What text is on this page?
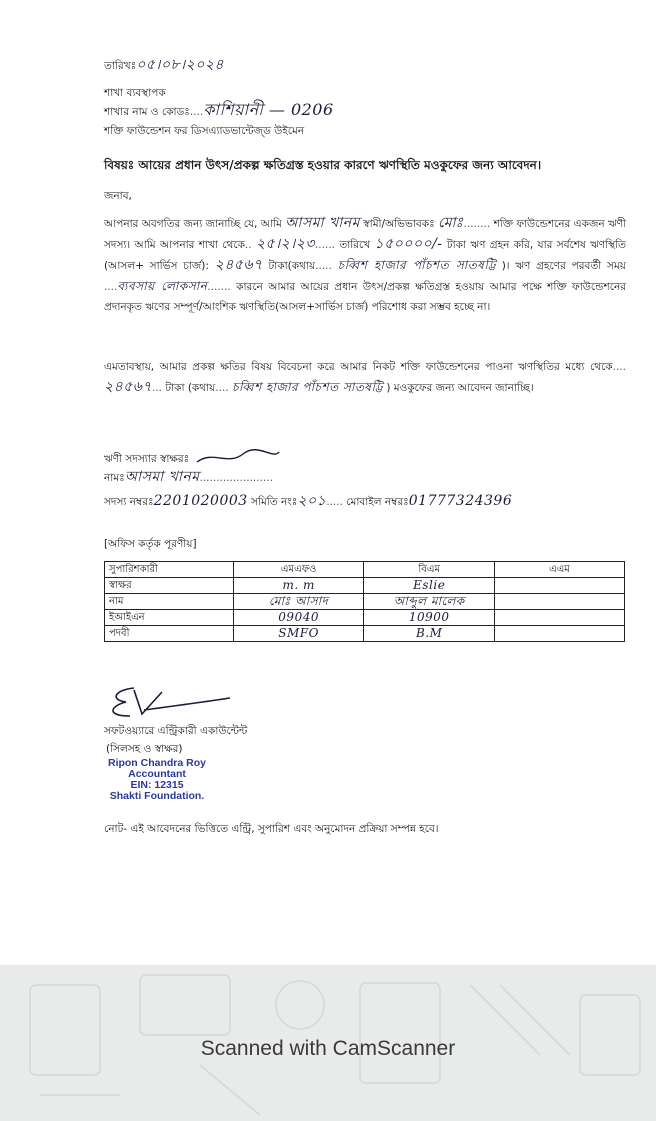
তারিখঃ০৫।০৮।২০২৪
শাখা ব্যবস্থাপক
শাখার নাম ও কোডঃ....কাশিয়ানী — 0206
শক্তি ফাউন্ডেশন ফর ডিসএ্যাডভান্টেজ্ড উইমেন
বিষয়ঃ আয়ের প্রধান উৎস/প্রকল্প ক্ষতিগ্রস্ত হওয়ার কারণে ঋণস্থিতি মওকুফের জন্য আবেদন।
জনাব,
আপনার অবগতির জন্য জানাচ্ছি যে, আমি আসমা খানম স্বামী/অভিভাবকঃ মোঃ........ শক্তি ফাউন্ডেশনের একজন ঋণী সদস্য। আমি আপনার শাখা থেকে.. ২৫।২।২৩...... তারিখে ১৫০০০০/- টাকা ঋণ গ্রহন করি, যার সর্বশেষ ঋণস্থিতি (আসল+ সার্ভিস চার্জ): ২৪৫৬৭ টাকা(কথায়..... চব্বিশ হাজার পাঁচশত সাতষট্টি )। ঋণ গ্রহণের পরবর্তী সময় ....ব্যবসায় লোকসান....... কারনে আমার আয়ের প্রধান উৎস/প্রকল্প ক্ষতিগ্রস্ত হওয়ায় আমার পক্ষে শক্তি ফাউন্ডেশনের প্রদানকৃত ঋণের সম্পূর্ণ/আংশিক ঋণস্থিতি(আসল+সার্ভিস চার্জ) পরিশোধ করা সম্ভব হচ্ছে না।
এমতাবস্থায়, আমার প্রকল্প ক্ষতির বিষয় বিবেচনা করে আমার নিকট শক্তি ফাউন্ডেশনের পাওনা ঋণস্থিতির মধ্যে থেকে.... ২৪৫৬৭... টাকা (কথায়.... চব্বিশ হাজার পাঁচশত সাতষট্টি ) মওকুফের জন্য আবেদন জানাচ্ছি।
ঋণী সদস্যার স্বাক্ষরঃ
নামঃআসমা খানম......................
সদস্য নম্বরঃ2201020003 সমিতি নংঃ২০১..... মোবাইল নম্বরঃ01777324396
[অফিস কর্তৃক পূরণীয়]
সুপারিশকারী	এমএফও	বিএম	এএম
স্বাক্ষর	m. m	Eslie	
নাম	মোঃ আসাদ	আব্দুল মালেক	
ইআইএন	09040	10900	
পদবী	SMFO	B.M	
সফটওয়্যারে এন্ট্রিকারী একাউন্টেন্ট
(সিলসহ ও স্বাক্ষর)
Ripon Chandra Roy
Accountant
EIN: 12315
Shakti Foundation.
নোট- এই আবেদনের ভিত্তিতে এন্ট্রি, সুপারিশ এবং অনুমোদন প্রক্রিয়া সম্পন্ন হবে।
Scanned with CamScanner
